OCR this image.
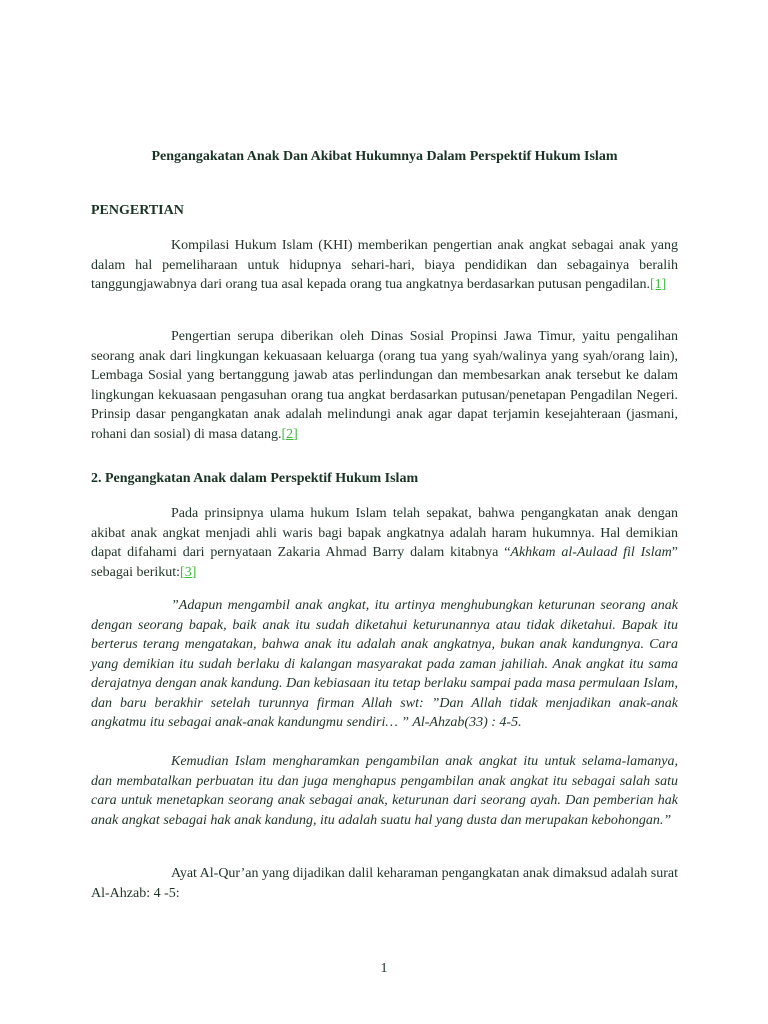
Pengangakatan Anak Dan Akibat Hukumnya Dalam Perspektif Hukum Islam
PENGERTIAN

Kompilasi Hukum Islam (KHI) memberikan pengertian anak angkat sebagai anak yang dalam hal pemeliharaan untuk hidupnya sehari-hari, biaya pendidikan dan sebagainya beralih tanggungjawabnya dari orang tua asal kepada orang tua angkatnya berdasarkan putusan pengadilan.[1]

Pengertian serupa diberikan oleh Dinas Sosial Propinsi Jawa Timur, yaitu pengalihan seorang anak dari lingkungan kekuasaan keluarga (orang tua yang syah/walinya yang syah/orang lain), Lembaga Sosial yang bertanggung jawab atas perlindungan dan membesarkan anak tersebut ke dalam lingkungan kekuasaan pengasuhan orang tua angkat berdasarkan putusan/penetapan Pengadilan Negeri. Prinsip dasar pengangkatan anak adalah melindungi anak agar dapat terjamin kesejahteraan (jasmani, rohani dan sosial) di masa datang.[2]

2. Pengangkatan Anak dalam Perspektif Hukum Islam

Pada prinsipnya ulama hukum Islam telah sepakat, bahwa pengangkatan anak dengan akibat anak angkat menjadi ahli waris bagi bapak angkatnya adalah haram hukumnya. Hal demikian dapat difahami dari pernyataan Zakaria Ahmad Barry dalam kitabnya “Akhkam al-Aulaad fil Islam” sebagai berikut:[3]

”Adapun mengambil anak angkat, itu artinya menghubungkan keturunan seorang anak dengan seorang bapak, baik anak itu sudah diketahui keturunannya atau tidak diketahui. Bapak itu berterus terang mengatakan, bahwa anak itu adalah anak angkatnya, bukan anak kandungnya. Cara yang demikian itu sudah berlaku di kalangan masyarakat pada zaman jahiliah. Anak angkat itu sama derajatnya dengan anak kandung. Dan kebiasaan itu tetap berlaku sampai pada masa permulaan Islam, dan baru berakhir setelah turunnya firman Allah swt: ”Dan Allah tidak menjadikan anak-anak angkatmu itu sebagai anak-anak kandungmu sendiri… ” Al-Ahzab(33) : 4-5.

Kemudian Islam mengharamkan pengambilan anak angkat itu untuk selama-lamanya, dan membatalkan perbuatan itu dan juga menghapus pengambilan anak angkat itu sebagai salah satu cara untuk menetapkan seorang anak sebagai anak, keturunan dari seorang ayah. Dan pemberian hak anak angkat sebagai hak anak kandung, itu adalah suatu hal yang dusta dan merupakan kebohongan.”

Ayat Al-Qur’an yang dijadikan dalil keharaman pengangkatan anak dimaksud adalah surat Al-Ahzab: 4 -5:

1
